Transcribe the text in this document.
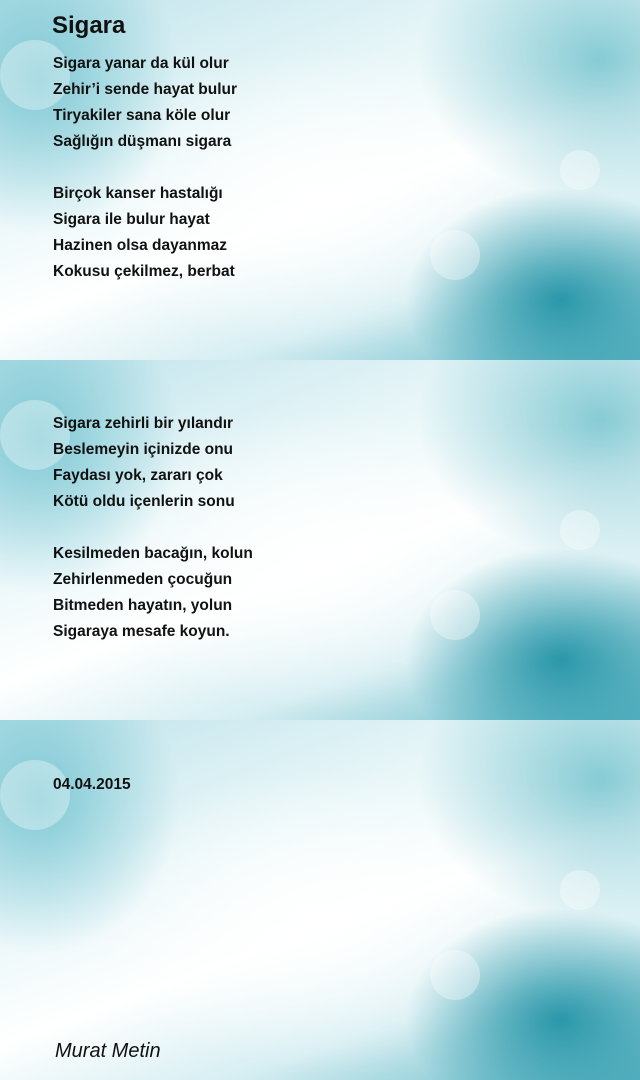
Sigara
Sigara yanar da kül olur
Zehir’i sende hayat bulur
Tiryakiler sana köle olur
Sağlığın düşmanı sigara
Birçok kanser hastalığı
Sigara ile bulur hayat
Hazinen olsa dayanmaz
Kokusu çekilmez, berbat
Sigara zehirli bir yılandır
Beslemeyin içinizde onu
Faydası yok, zararı çok
Kötü oldu içenlerin sonu
Kesilmeden bacağın, kolun
Zehirlenmeden çocuğun
Bitmeden hayatın, yolun
Sigaraya mesafe koyun.
04.04.2015
Murat Metin
